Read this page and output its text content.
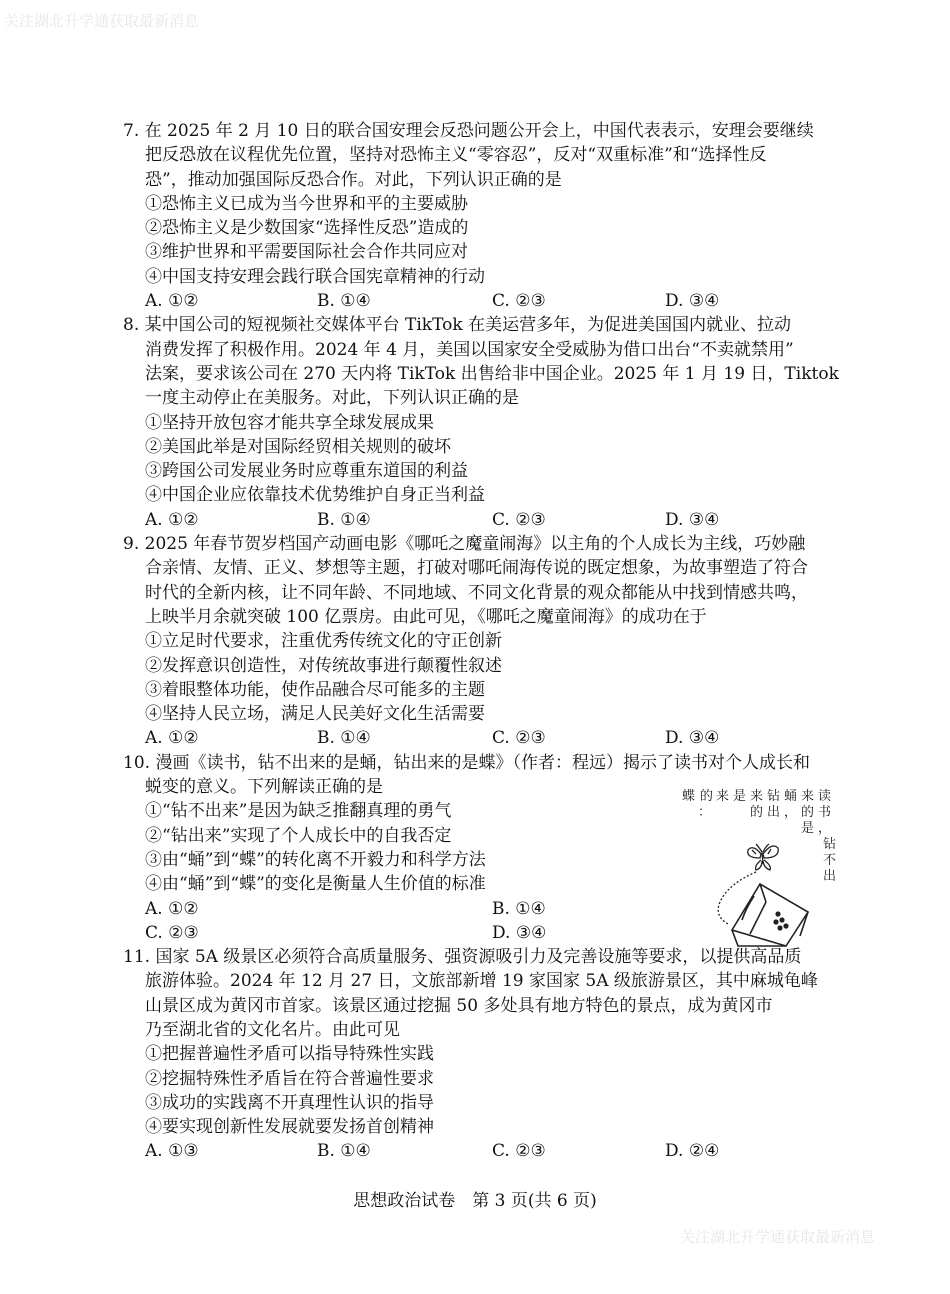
关注湖北升学通获取最新消息
关注湖北升学通获取最新消息
7. 在 2025 年 2 月 10 日的联合国安理会反恐问题公开会上，中国代表表示，安理会要继续
把反恐放在议程优先位置，坚持对恐怖主义“零容忍”，反对“双重标准”和“选择性反
恐”，推动加强国际反恐合作。对此，下列认识正确的是
①恐怖主义已成为当今世界和平的主要威胁
②恐怖主义是少数国家“选择性反恐”造成的
③维护世界和平需要国际社会合作共同应对
④中国支持安理会践行联合国宪章精神的行动
A. ①②	B. ①④	C. ②③	D. ③④
8. 某中国公司的短视频社交媒体平台 TikTok 在美运营多年，为促进美国国内就业、拉动
消费发挥了积极作用。2024 年 4 月，美国以国家安全受威胁为借口出台“不卖就禁用”
法案，要求该公司在 270 天内将 TikTok 出售给非中国企业。2025 年 1 月 19 日，Tiktok
一度主动停止在美服务。对此，下列认识正确的是
①坚持开放包容才能共享全球发展成果
②美国此举是对国际经贸相关规则的破坏
③跨国公司发展业务时应尊重东道国的利益
④中国企业应依靠技术优势维护自身正当利益
A. ①②	B. ①④	C. ②③	D. ③④
9. 2025 年春节贺岁档国产动画电影《哪吒之魔童闹海》以主角的个人成长为主线，巧妙融
合亲情、友情、正义、梦想等主题，打破对哪吒闹海传说的既定想象，为故事塑造了符合
时代的全新内核，让不同年龄、不同地域、不同文化背景的观众都能从中找到情感共鸣，
上映半月余就突破 100 亿票房。由此可见，《哪吒之魔童闹海》的成功在于
①立足时代要求，注重优秀传统文化的守正创新
②发挥意识创造性，对传统故事进行颠覆性叙述
③着眼整体功能，使作品融合尽可能多的主题
④坚持人民立场，满足人民美好文化生活需要
A. ①②	B. ①④	C. ②③	D. ③④
10. 漫画《读书，钻不出来的是蛹，钻出来的是蝶》（作者：程远）揭示了读书对个人成长和
蜕变的意义。下列解读正确的是
①“钻不出来”是因为缺乏推翻真理的勇气
②“钻出来”实现了个人成长中的自我否定
③由“蛹”到“蝶”的转化离不开毅力和科学方法
④由“蛹”到“蝶”的变化是衡量人生价值的标准
A. ①②	B. ①④
C. ②③	D. ③④
11. 国家 5A 级景区必须符合高质量服务、强资源吸引力及完善设施等要求，以提供高品质
旅游体验。2024 年 12 月 27 日，文旅部新增 19 家国家 5A 级旅游景区，其中麻城龟峰
山景区成为黄冈市首家。该景区通过挖掘 50 多处具有地方特色的景点，成为黄冈市
乃至湖北省的文化名片。由此可见
①把握普遍性矛盾可以指导特殊性实践
②挖掘特殊性矛盾旨在符合普遍性要求
③成功的实践离不开真理性认识的指导
④要实现创新性发展就要发扬首创精神
A. ①③	B. ①④	C. ②③	D. ②④
读
书
，
钻
不
出
来
的
是
蛹
，
钻
出
来
的
是
蝶 的 来
：
思想政治试卷　第 3 页(共 6 页)
